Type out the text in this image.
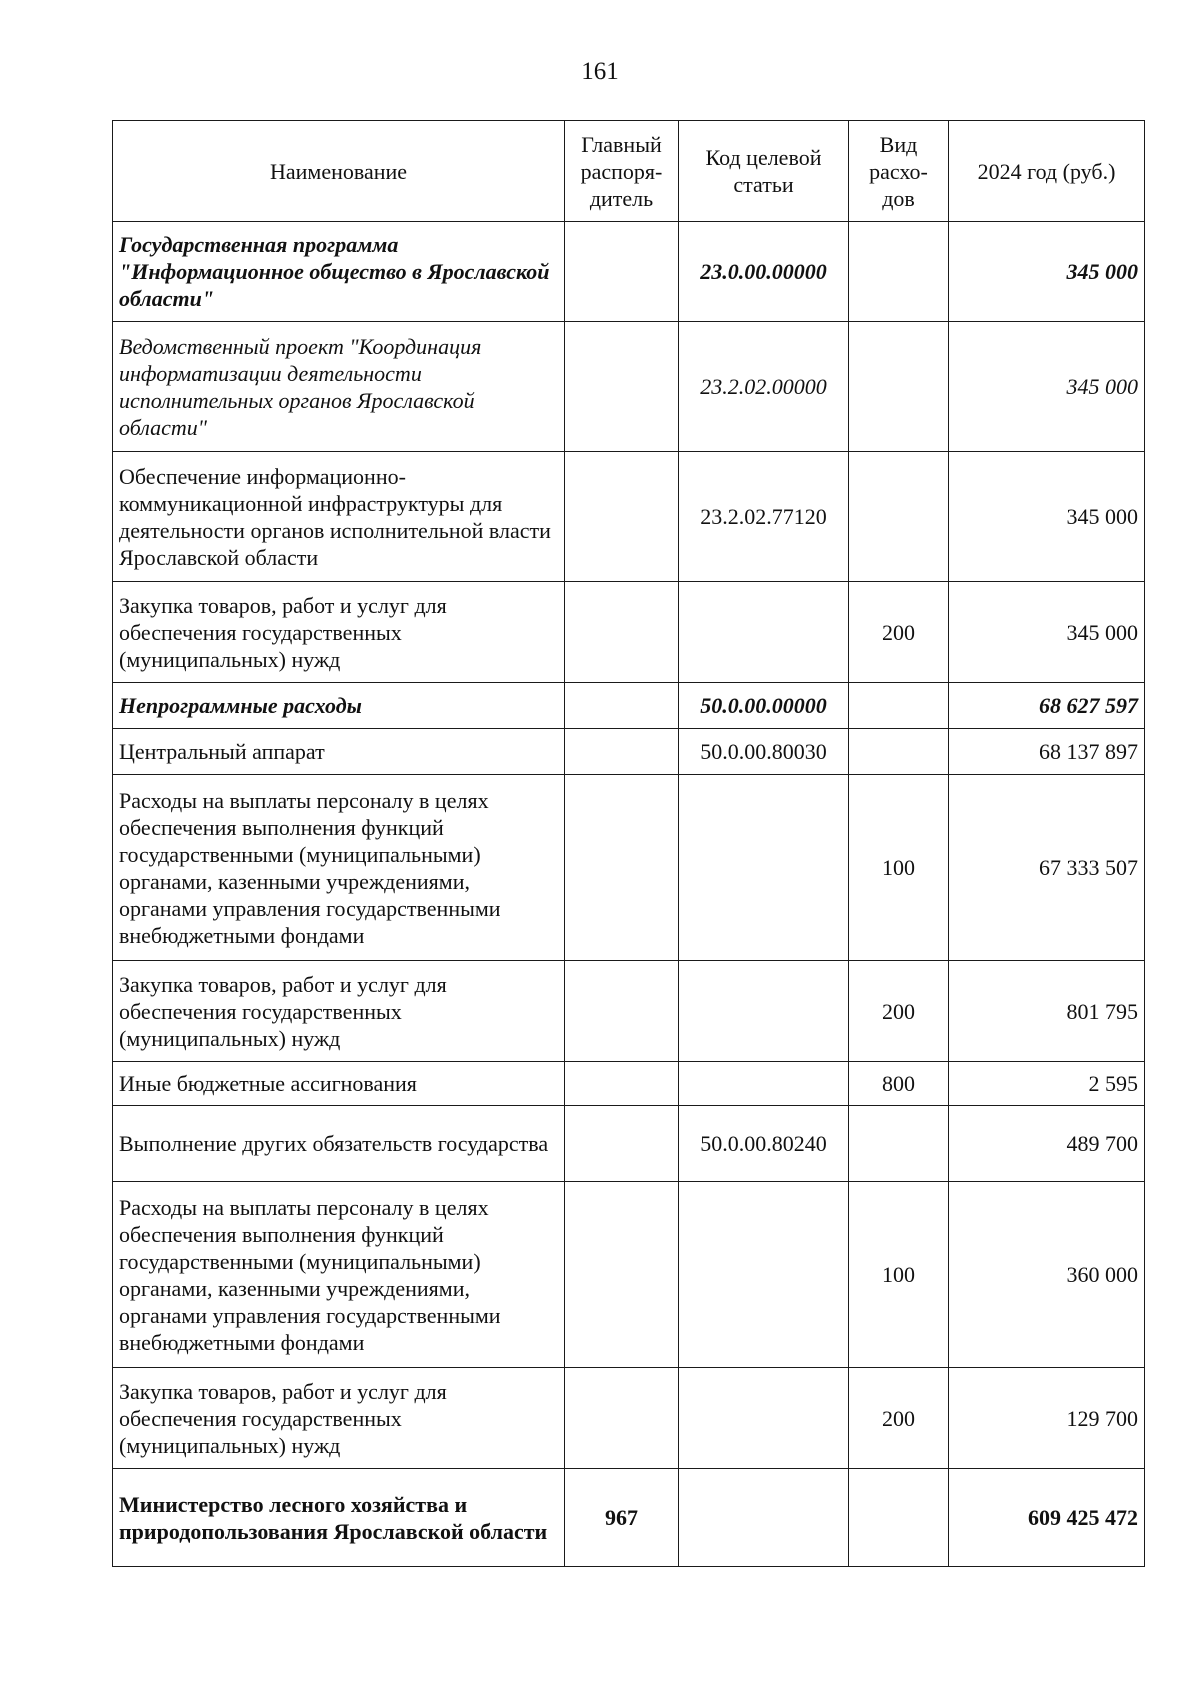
161
Наименование	Главный распоря-дитель	Код целевой статьи	Вид расхо-дов	2024 год (руб.)
Государственная программа "Информационное общество в Ярославской области"		23.0.00.00000		345 000
Ведомственный проект "Координация информатизации деятельности исполнительных органов Ярославской области"		23.2.02.00000		345 000
Обеспечение информационно-коммуникационной инфраструктуры для деятельности органов исполнительной власти Ярославской области		23.2.02.77120		345 000
Закупка товаров, работ и услуг для обеспечения государственных (муниципальных) нужд			200	345 000
Непрограммные расходы		50.0.00.00000		68 627 597
Центральный аппарат		50.0.00.80030		68 137 897
Расходы на выплаты персоналу в целях обеспечения выполнения функций государственными (муниципальными) органами, казенными учреждениями, органами управления государственными внебюджетными фондами			100	67 333 507
Закупка товаров, работ и услуг для обеспечения государственных (муниципальных) нужд			200	801 795
Иные бюджетные ассигнования			800	2 595
Выполнение других обязательств государства		50.0.00.80240		489 700
Расходы на выплаты персоналу в целях обеспечения выполнения функций государственными (муниципальными) органами, казенными учреждениями, органами управления государственными внебюджетными фондами			100	360 000
Закупка товаров, работ и услуг для обеспечения государственных (муниципальных) нужд			200	129 700
Министерство лесного хозяйства и природопользования Ярославской области	967			609 425 472
